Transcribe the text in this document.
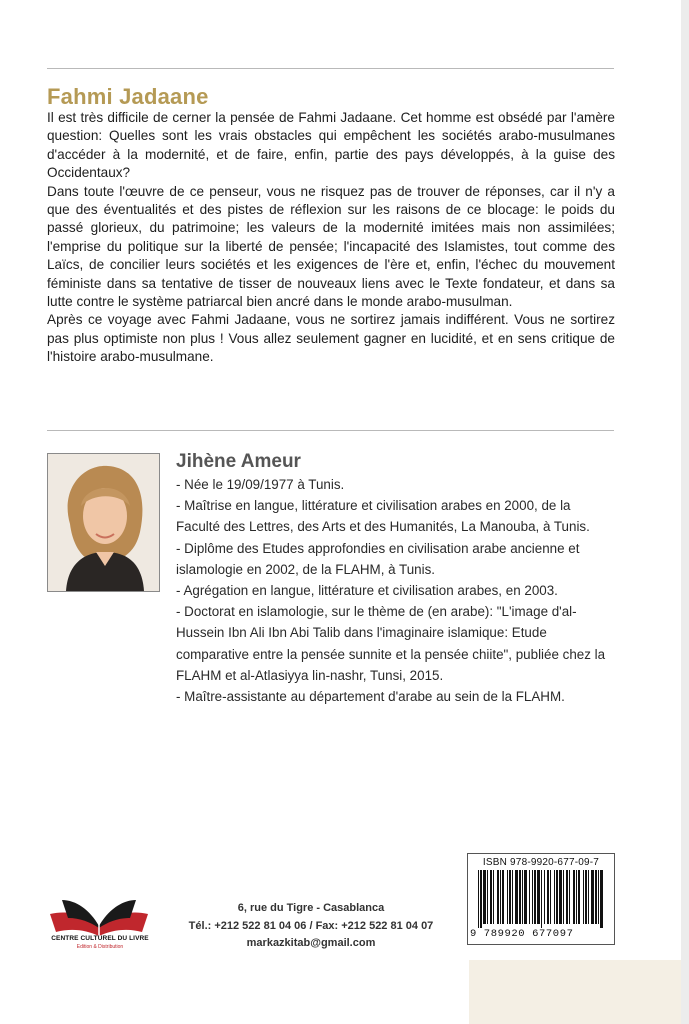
Fahmi Jadaane

Il est très difficile de cerner la pensée de Fahmi Jadaane. Cet homme est obsédé par l'amère question: Quelles sont les vrais obstacles qui empêchent les sociétés arabo-musulmanes d'accéder à la modernité, et de faire, enfin, partie des pays développés, à la guise des Occidentaux?

Dans toute l'œuvre de ce penseur, vous ne risquez pas de trouver de réponses, car il n'y a que des éventualités et des pistes de réflexion sur les raisons de ce blocage: le poids du passé glorieux, du patrimoine; les valeurs de la modernité imitées mais non assimilées; l'emprise du politique sur la liberté de pensée; l'incapacité des Islamistes, tout comme des Laïcs, de concilier leurs sociétés et les exigences de l'ère et, enfin, l'échec du mouvement féministe dans sa tentative de tisser de nouveaux liens avec le Texte fondateur, et dans sa lutte contre le système patriarcal bien ancré dans le monde arabo-musulman.

Après ce voyage avec Fahmi Jadaane, vous ne sortirez jamais indifférent. Vous ne sortirez pas plus optimiste non plus ! Vous allez seulement gagner en lucidité, et en sens critique de l'histoire arabo-musulmane.

Jihène Ameur

- Née le 19/09/1977 à Tunis.

- Maîtrise en langue, littérature et civilisation arabes en 2000, de la Faculté des Lettres, des Arts et des Humanités, La Manouba, à Tunis.

- Diplôme des Etudes approfondies en civilisation arabe ancienne et islamologie en 2002, de la FLAHM, à Tunis.

- Agrégation en langue, littérature et civilisation arabes, en 2003.

- Doctorat en islamologie, sur le thème de (en arabe): "L'image d'al-Hussein Ibn Ali Ibn Abi Talib dans l'imaginaire islamique: Etude comparative entre la pensée sunnite et la pensée chiite", publiée chez la FLAHM et al-Atlasiyya lin-nashr, Tunsi, 2015.

- Maître-assistante au département d'arabe au sein de la FLAHM.

CENTRE CULTUREL DU LIVRE
Edition & Distribution
6, rue du Tigre - Casablanca
Tél.: +212 522 81 04 06 / Fax: +212 522 81 04 07
markazkitab@gmail.com
ISBN 978-9920-677-09-7
9 789920 677097
